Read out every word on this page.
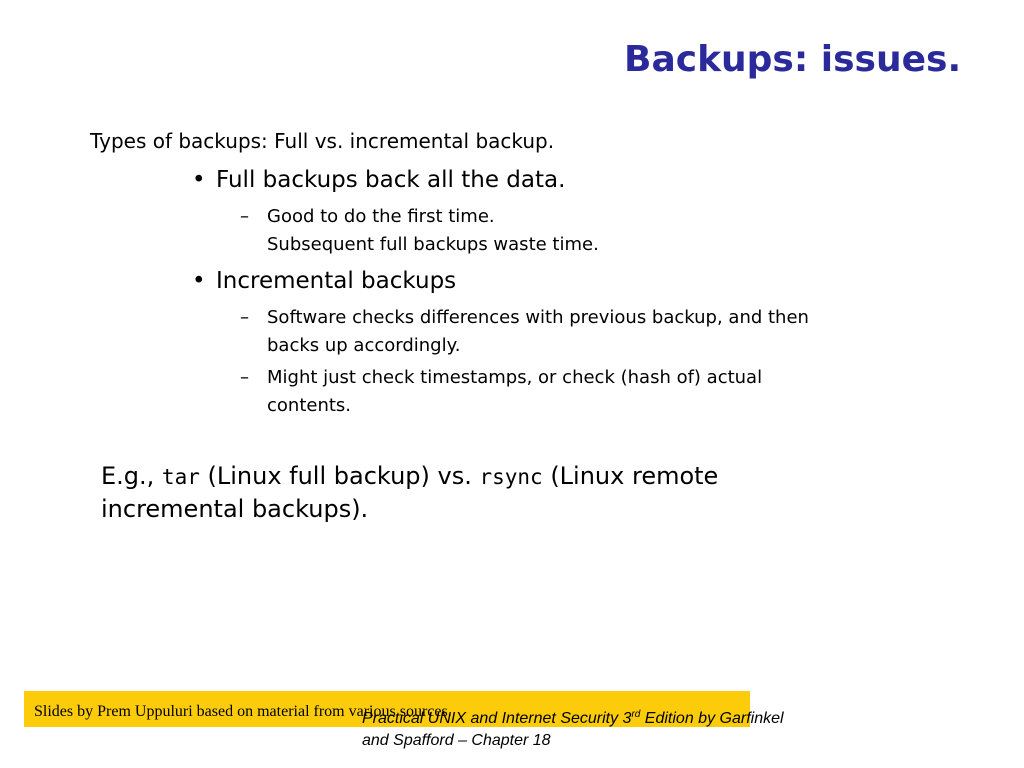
Backups: issues.
Types of backups: Full vs. incremental backup.
• Full backups back all the data.
– Good to do the first time.
Subsequent full backups waste time.
• Incremental backups
– Software checks differences with previous backup, and then
backs up accordingly.
– Might just check timestamps, or check (hash of) actual
contents.
E.g., tar (Linux full backup) vs. rsync (Linux remote
incremental backups).
Slides by Prem Uppuluri based on material from various sources.
Practical UNIX and Internet Security 3rd Edition by Garfinkel
and Spafford – Chapter 18
